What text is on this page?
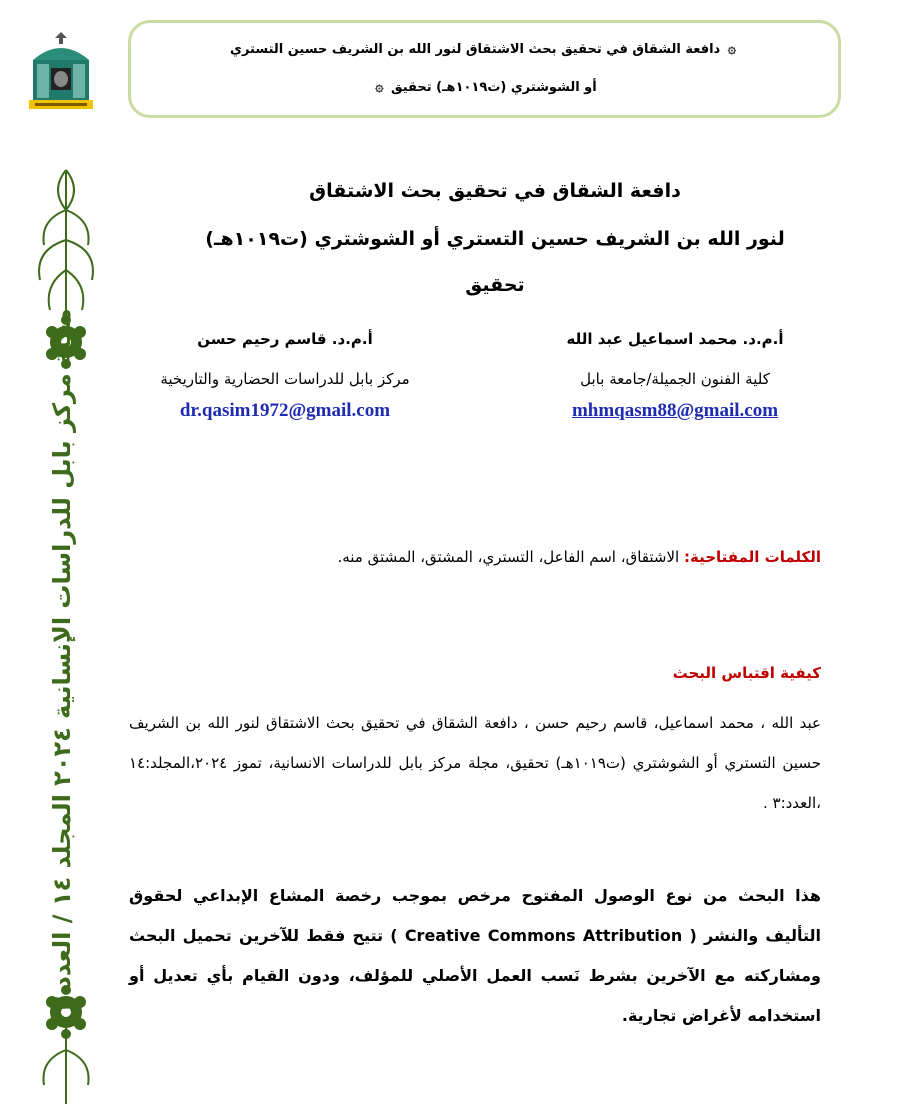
۞ دافعة الشقاق في تحقيق بحث الاشتقاق لنور الله بن الشريف حسين التستري
أو الشوشتري (ت١٠١٩هـ) تحقيق ۞
مجلة مركز بابل للدراسات الإنسانية ٢٠٢٤ المجلد ١٤ / العدد ٣
دافعة الشقاق في تحقيق بحث الاشتقاق
لنور الله بن الشريف حسين التستري أو الشوشتري (ت١٠١٩هـ)
تحقيق
أ.م.د. محمد اسماعيل عبد الله
كلية الفنون الجميلة/جامعة بابل
mhmqasm88@gmail.com
أ.م.د. قاسم رحيم حسن
مركز بابل للدراسات الحضارية والتاريخية
dr.qasim1972@gmail.com
الكلمات المفتاحية: الاشتقاق، اسم الفاعل، التستري، المشتق، المشتق منه.
كيفية اقتباس البحث
عبد الله ، محمد اسماعيل، قاسم رحيم حسن ، دافعة الشقاق في تحقيق بحث الاشتقاق لنور الله بن الشريف حسين التستري أو الشوشتري (ت١٠١٩هـ) تحقيق، مجلة مركز بابل للدراسات الانسانية، تموز ٢٠٢٤،المجلد:١٤ ،العدد:٣ .
هذا البحث من نوع الوصول المفتوح مرخص بموجب رخصة المشاع الإبداعي لحقوق التأليف والنشر ( Creative Commons Attribution ) تتيح فقط للآخرين تحميل البحث ومشاركته مع الآخرين بشرط نَسب العمل الأصلي للمؤلف، ودون القيام بأي تعديل أو استخدامه لأغراض تجارية.
